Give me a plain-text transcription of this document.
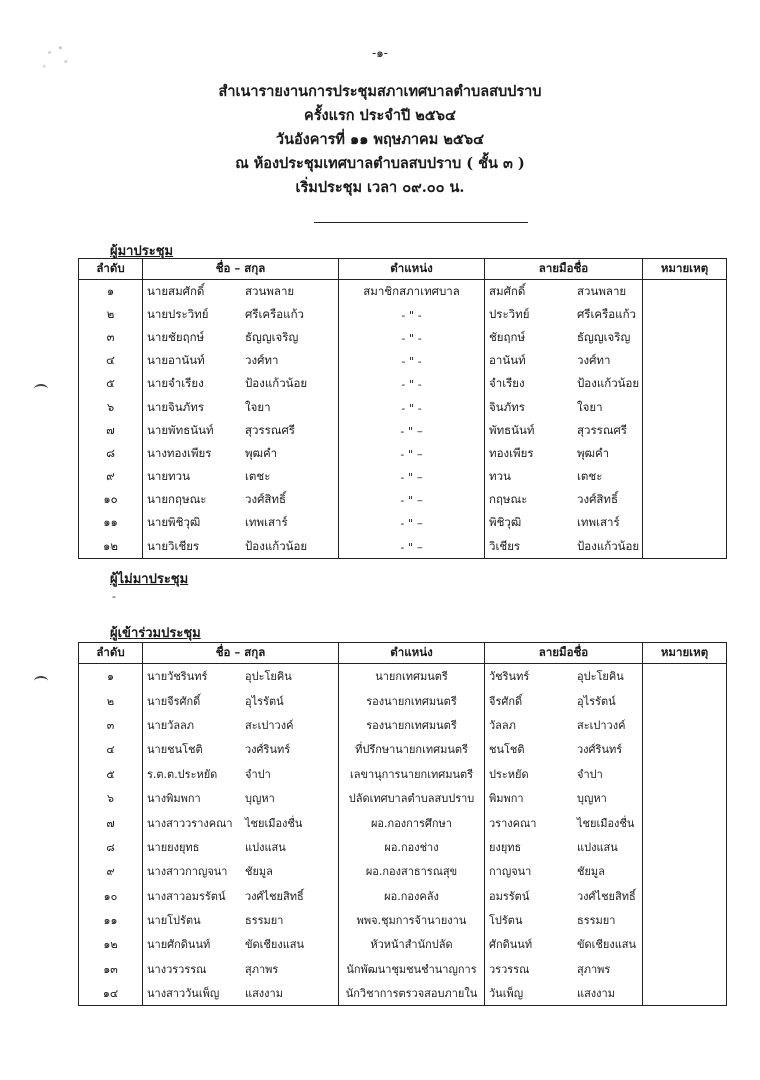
-๑-
สำเนารายงานการประชุมสภาเทศบาลตำบลสบปราบ
ครั้งแรก ประจำปี ๒๕๖๔
วันอังคารที่ ๑๑ พฤษภาคม ๒๕๖๔
ณ ห้องประชุมเทศบาลตำบลสบปราบ ( ชั้น ๓ )
เริ่มประชุม เวลา ๐๙.๐๐ น.
ผู้มาประชุม
ลำดับ	ชื่อ – สกุล	ตำแหน่ง	ลายมือชื่อ	หมายเหตุ
๑	นายสมศักดิ์ สวนพลาย	สมาชิกสภาเทศบาล	สมศักดิ์ สวนพลาย	
๒	นายประวิทย์ ศรีเครือแก้ว	- " -	ประวิทย์ ศรีเครือแก้ว	
๓	นายชัยฤกษ์ ธัญญเจริญ	- " -	ชัยฤกษ์ ธัญญเจริญ	
๔	นายอานันท์ วงศ์ทา	- " -	อานันท์ วงศ์ทา	
๕	นายจำเรียง ป้องแก้วน้อย	- " -	จำเรียง ป้องแก้วน้อย	
๖	นายจินภัทร ใจยา	- " -	จินภัทร ใจยา	
๗	นายพัทธนันท์ สุวรรณศรี	- " –	พัทธนันท์ สุวรรณศรี	
๘	นางทองเพียร พุฒคำ	- " –	ทองเพียร พุฒคำ	
๙	นายทวน เตชะ	- " –	ทวน เตชะ	
๑๐	นายกฤษณะ วงศ์สิทธิ์	- " –	กฤษณะ วงศ์สิทธิ์	
๑๑	นายพิชิวุฒิ เทพเสาร์	- " –	พิชิวุฒิ เทพเสาร์	
๑๒	นายวิเชียร ป้องแก้วน้อย	- " –	วิเชียร ป้องแก้วน้อย	
ผู้ไม่มาประชุม
-
ผู้เข้าร่วมประชุม
ลำดับ	ชื่อ – สกุล	ตำแหน่ง	ลายมือชื่อ	หมายเหตุ
๑	นายวัชรินทร์ อุปะโยคิน	นายกเทศมนตรี	วัชรินทร์ อุปะโยคิน	
๒	นายจีรศักดิ์ อุไรรัตน์	รองนายกเทศมนตรี	จีรศักดิ์ อุไรรัตน์	
๓	นายวัลลภ สะเปาวงค์	รองนายกเทศมนตรี	วัลลภ สะเปาวงค์	
๔	นายชนโชติ วงศ์รินทร์	ที่ปรึกษานายกเทศมนตรี	ชนโชติ วงศ์รินทร์	
๕	ร.ต.ต.ประหยัด จำปา	เลขานุการนายกเทศมนตรี	ประหยัด จำปา	
๖	นางพิมพกา บุญหา	ปลัดเทศบาลตำบลสบปราบ	พิมพกา บุญหา	
๗	นางสาววรางคณา ไชยเมืองชื่น	ผอ.กองการศึกษา	วรางคณา ไชยเมืองชื่น	
๘	นายยงยุทธ แปงแสน	ผอ.กองช่าง	ยงยุทธ แปงแสน	
๙	นางสาวกาญจนา ชัยมูล	ผอ.กองสาธารณสุข	กาญจนา ชัยมูล	
๑๐	นางสาวอมรรัตน์ วงศ์ไชยสิทธิ์	ผอ.กองคลัง	อมรรัตน์ วงศ์ไชยสิทธิ์	
๑๑	นายโปรัตน ธรรมยา	พพจ.ชุมการจ้านายงาน	โปรัตน ธรรมยา	
๑๒	นายศักดินนท์ ขัดเชียงแสน	หัวหน้าสำนักปลัด	ศักดินนท์ ขัดเชียงแสน	
๑๓	นางวรวรรณ สุภาพร	นักพัฒนาชุมชนชำนาญการ	วรวรรณ สุภาพร	
๑๔	นางสาววันเพ็ญ แสงงาม	นักวิชาการตรวจสอบภายใน	วันเพ็ญ แสงงาม	
